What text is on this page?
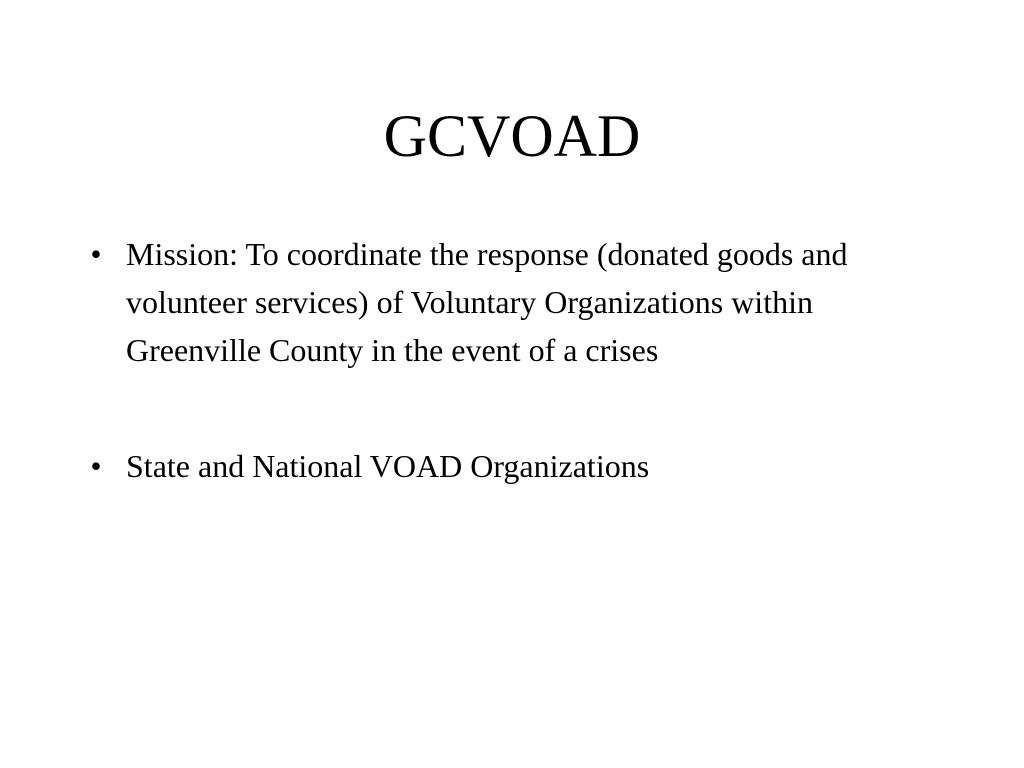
GCVOAD
• Mission: To coordinate the response (donated goods and volunteer services) of Voluntary Organizations within Greenville County in the event of a crises
• State and National VOAD Organizations
